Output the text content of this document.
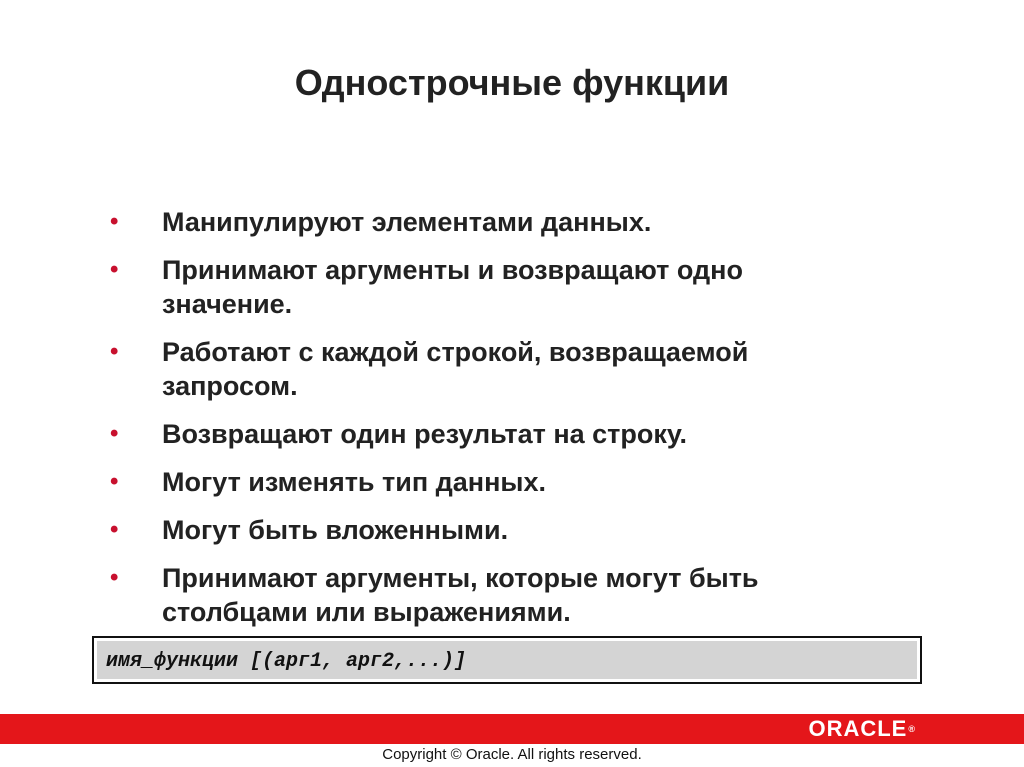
Однострочные функции
• Манипулируют элементами данных.
• Принимают аргументы и возвращают одно
значение.
• Работают с каждой строкой, возвращаемой
запросом.
• Возвращают один результат на строку.
• Могут изменять тип данных.
• Могут быть вложенными.
• Принимают аргументы, которые могут быть
столбцами или выражениями.
имя_функции [(арг1, арг2,...)]
ORACLE®
Copyright © Oracle. All rights reserved.
